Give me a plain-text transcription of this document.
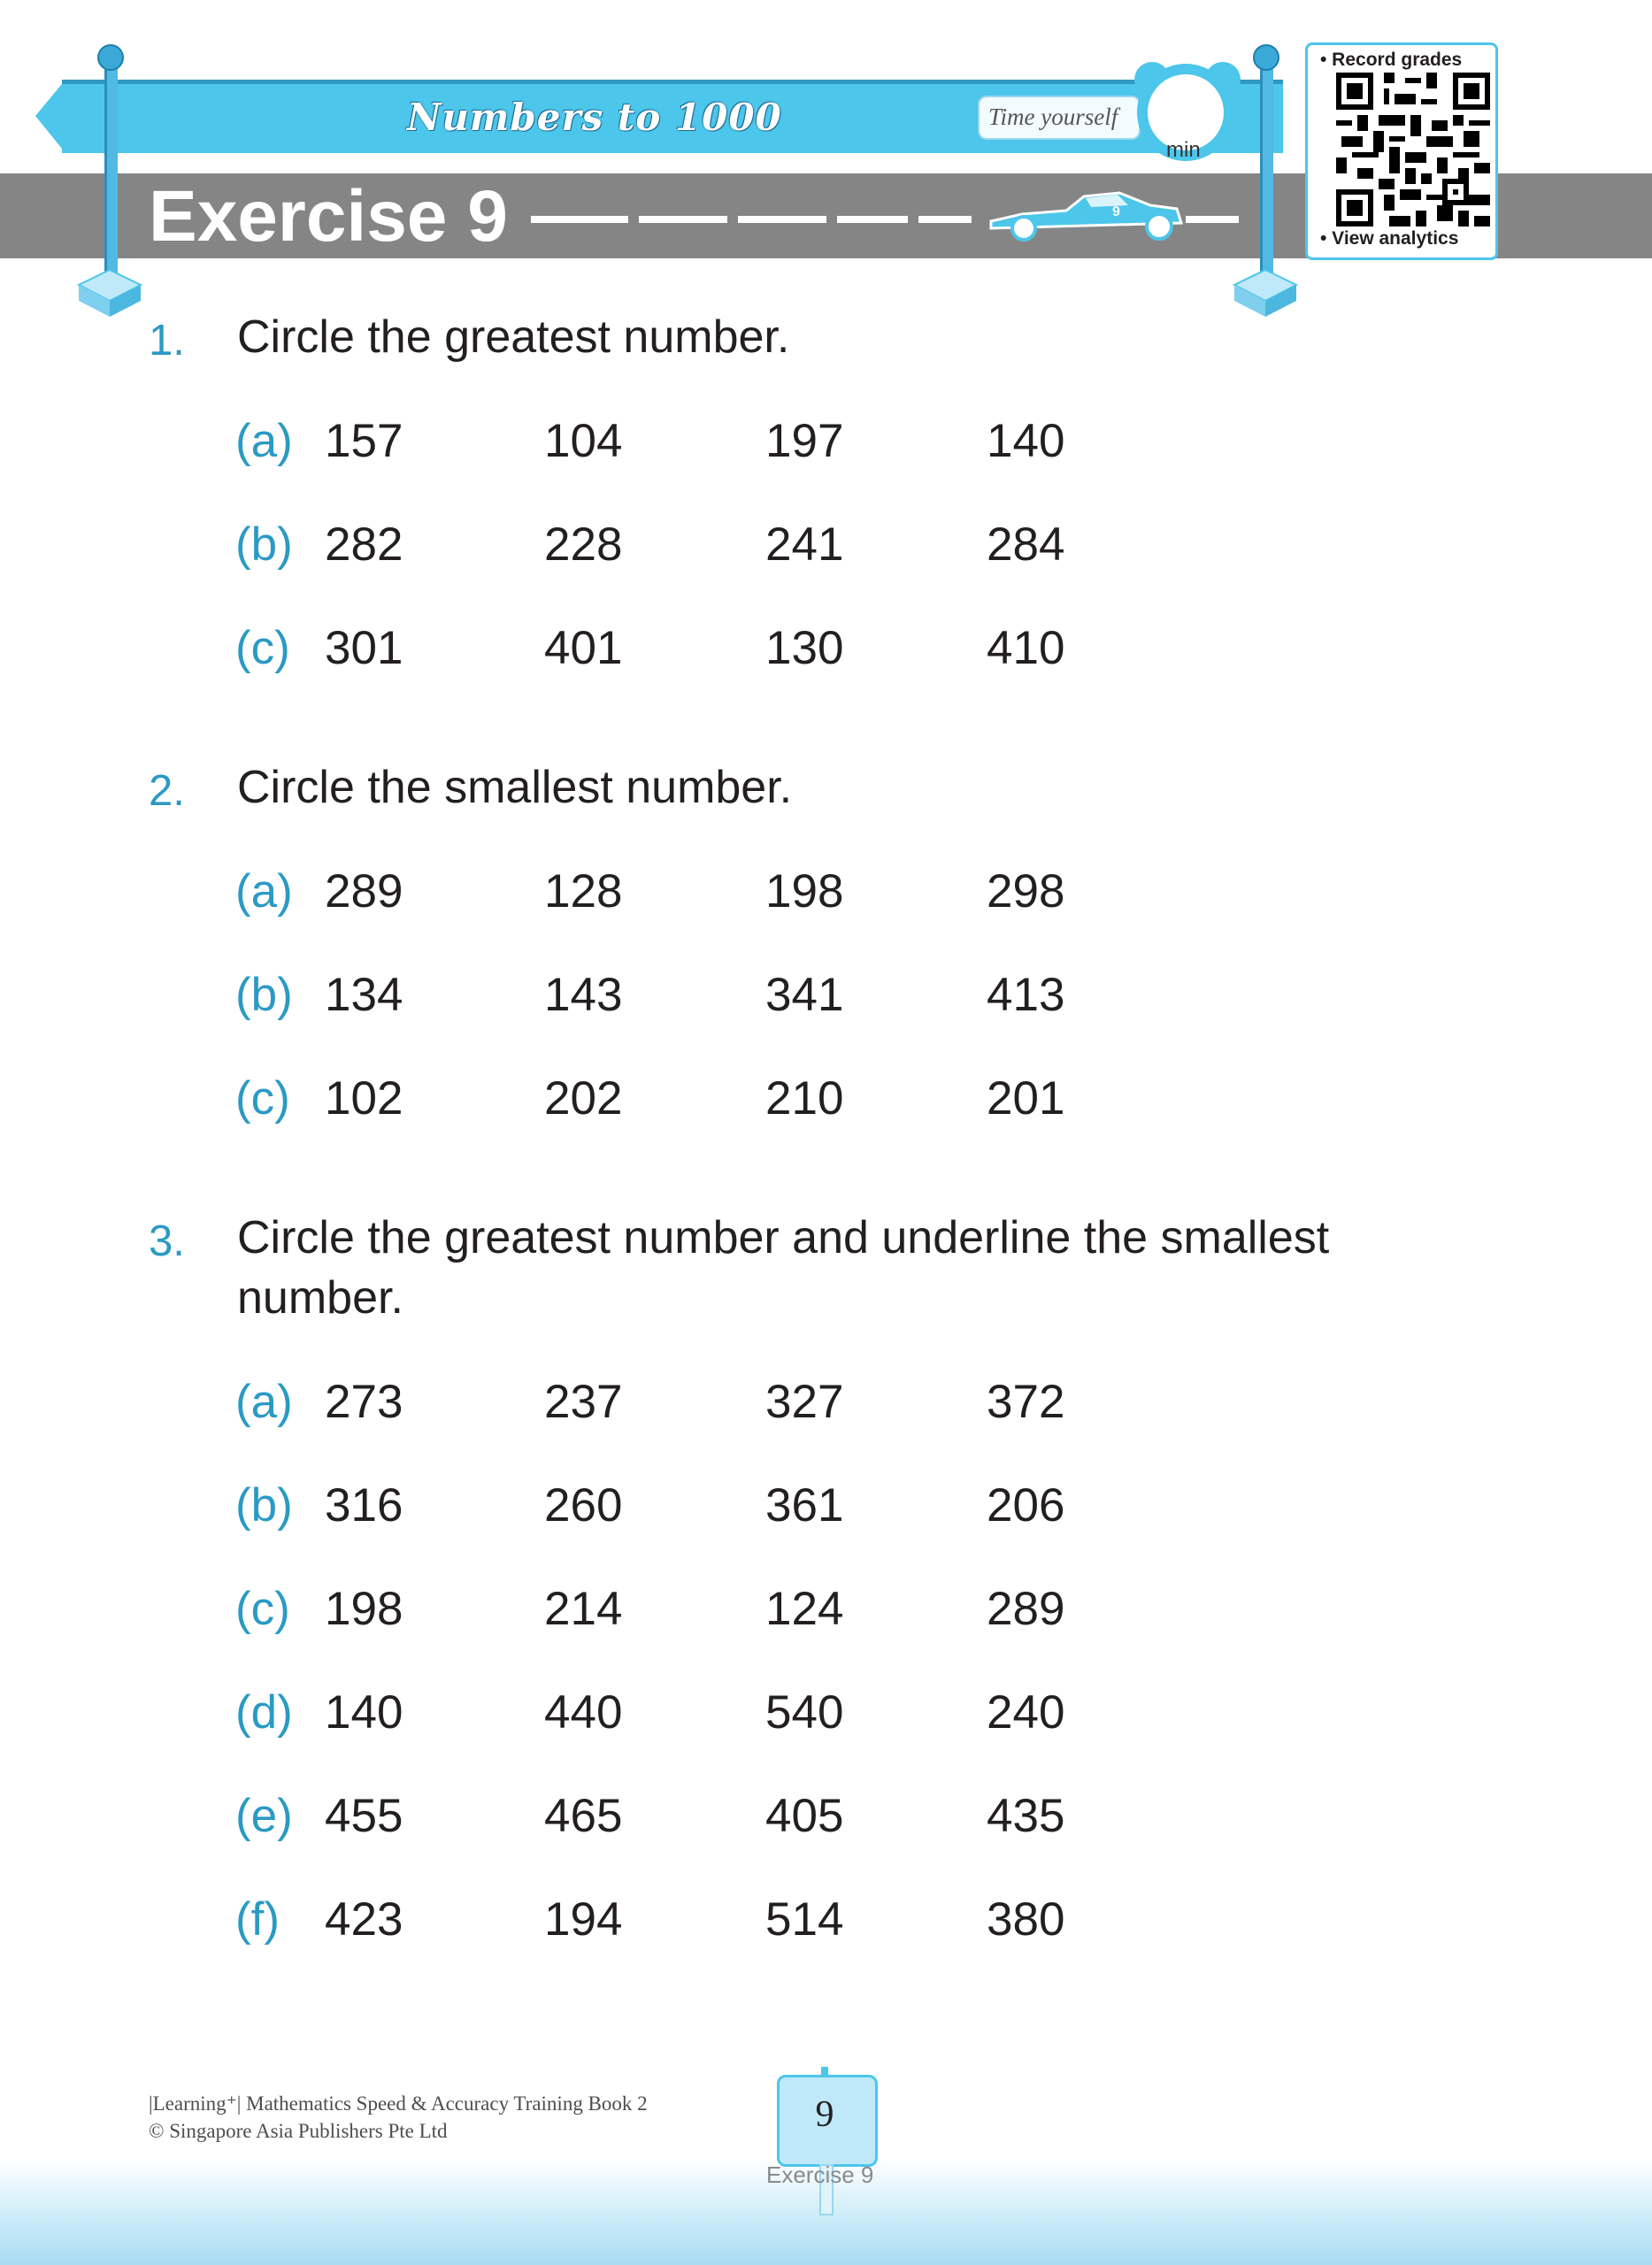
Numbers to 1000	Time yourself
min
Exercise 9	9
• Record grades
• View analytics
1. Circle the greatest number.
(a) 157	104	197	140
(b) 282	228	241	284
(c) 301	401	130	410
2. Circle the smallest number.
(a) 289	128	198	298
(b) 134	143	341	413
(c) 102	202	210	201
3. Circle the greatest number and underline the smallest
number.
(a) 273	237	327	372
(b) 316	260	361	206
(c) 198	214	124	289
(d) 140	440	540	240
(e) 455	465	405	435
(f) 423	194	514	380
|Learning⁺| Mathematics Speed & Accuracy Training Book 2
© Singapore Asia Publishers Pte Ltd	9
Exercise 9
